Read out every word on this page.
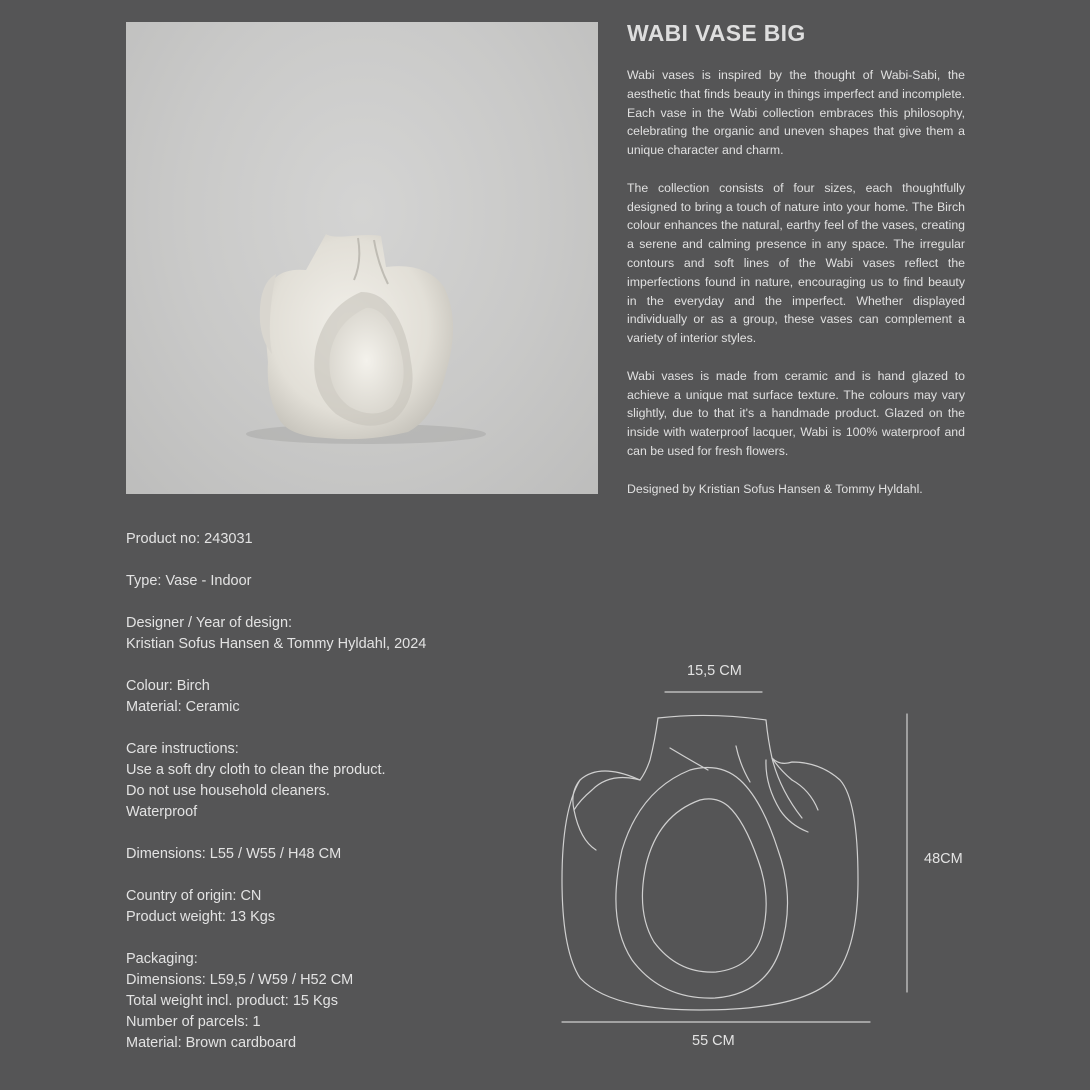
WABI VASE BIG

Wabi vases is inspired by the thought of Wabi-Sabi, the aesthetic that finds beauty in things imperfect and incomplete. Each vase in the Wabi collection embraces this philosophy, celebrating the organic and uneven shapes that give them a unique character and charm.

The collection consists of four sizes, each thoughtfully designed to bring a touch of nature into your home. The Birch colour enhances the natural, earthy feel of the vases, creating a serene and calming presence in any space. The irregular contours and soft lines of the Wabi vases reflect the imperfections found in nature, encouraging us to find beauty in the everyday and the imperfect. Whether displayed individually or as a group, these vases can complement a variety of interior styles.

Wabi vases is made from ceramic and is hand glazed to achieve a unique mat surface texture. The colours may vary slightly, due to that it's a handmade product. Glazed on the inside with waterproof lacquer, Wabi is 100% waterproof and can be used for fresh flowers.

Designed by Kristian Sofus Hansen & Tommy Hyldahl.

Product no: 243031
Type: Vase - Indoor
Designer / Year of design:
Kristian Sofus Hansen & Tommy Hyldahl, 2024
Colour: Birch
Material: Ceramic
Care instructions:
Use a soft dry cloth to clean the product.
Do not use household cleaners.
Waterproof
Dimensions: L55 / W55 / H48 CM
Country of origin: CN
Product weight: 13 Kgs
Packaging:
Dimensions: L59,5 / W59 / H52 CM
Total weight incl. product: 15 Kgs
Number of parcels: 1
Material: Brown cardboard
15,5 CM
48CM
55 CM
